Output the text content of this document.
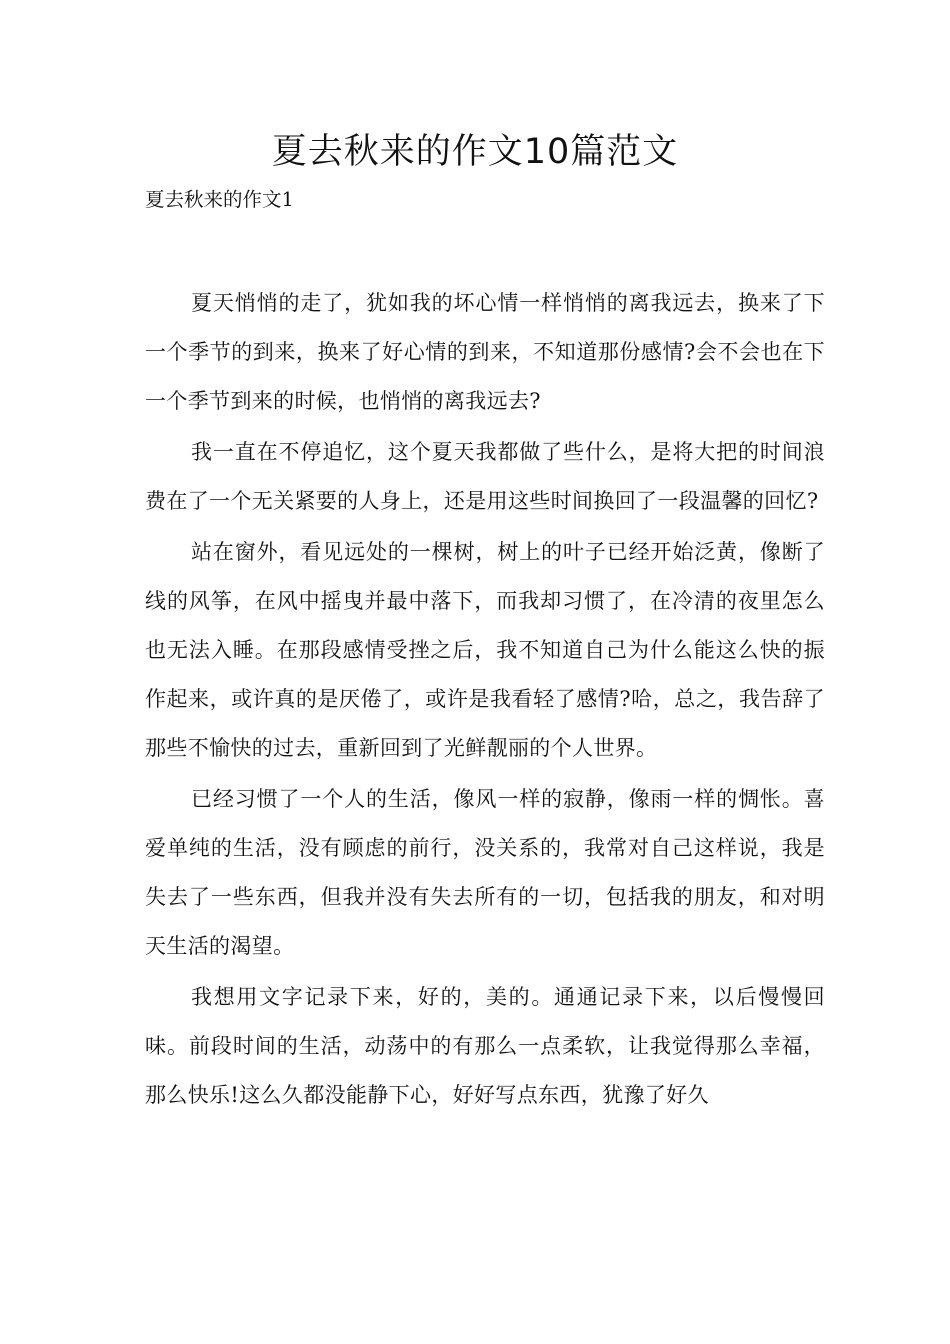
夏去秋来的作文10篇范文
夏去秋来的作文1

夏天悄悄的走了，犹如我的坏心情一样悄悄的离我远去，换来了下一个季节的到来，换来了好心情的到来，不知道那份感情?会不会也在下一个季节到来的时候，也悄悄的离我远去?

我一直在不停追忆，这个夏天我都做了些什么，是将大把的时间浪费在了一个无关紧要的人身上，还是用这些时间换回了一段温馨的回忆?

站在窗外，看见远处的一棵树，树上的叶子已经开始泛黄，像断了线的风筝，在风中摇曳并最中落下，而我却习惯了，在冷清的夜里怎么也无法入睡。在那段感情受挫之后，我不知道自己为什么能这么快的振作起来，或许真的是厌倦了，或许是我看轻了感情?哈，总之，我告辞了那些不愉快的过去，重新回到了光鲜靓丽的个人世界。

已经习惯了一个人的生活，像风一样的寂静，像雨一样的惆怅。喜爱单纯的生活，没有顾虑的前行，没关系的，我常对自己这样说，我是失去了一些东西，但我并没有失去所有的一切，包括我的朋友，和对明天生活的渴望。

我想用文字记录下来，好的，美的。通通记录下来，以后慢慢回味。前段时间的生活，动荡中的有那么一点柔软，让我觉得那么幸福，那么快乐!这么久都没能静下心，好好写点东西，犹豫了好久
